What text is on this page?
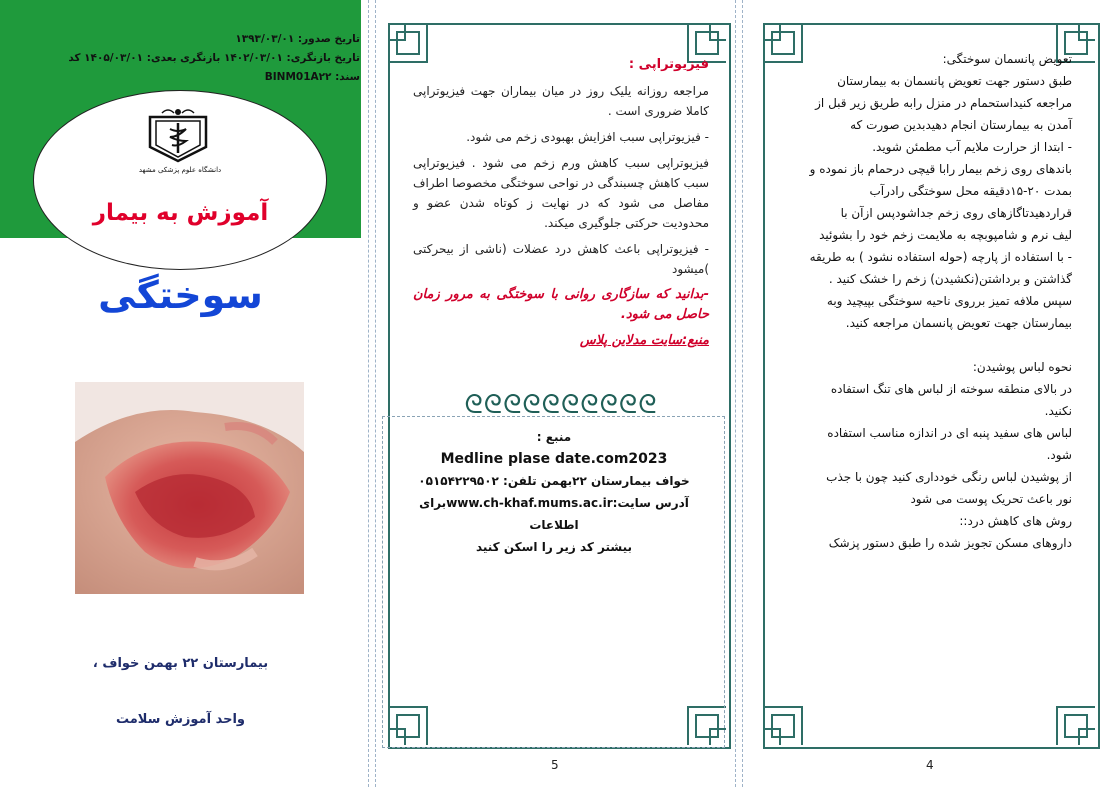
تاریخ صدور: ۱۳۹۳/۰۳/۰۱
تاریخ بازنگری: ۱۴۰۲/۰۳/۰۱ بازنگری بعدی: ۱۴۰۵/۰۳/۰۱ کد
سند: BINM01A۲۲
دانشگاه علوم پزشکی مشهد
آموزش به بیمار
سوختگی
بیمارستان ۲۲ بهمن خواف ،
واحد آموزش سلامت

فیزیوتراپی :

مراجعه روزانه یلیک روز در میان بیماران جهت فیزیوتراپی کاملا ضروری است .

- فیزیوتراپی سبب افزایش بهبودی زخم می شود.

فیزیوتراپی سبب کاهش ورم زخم می شود . فیزیوتراپی سبب کاهش چسبندگی در نواحی سوختگی مخصوصا اطراف مفاصل می شود که در نهایت ز کوتاه شدن عضو و محدودیت حرکتی جلوگیری میکند.

- فیزیوتراپی باعث کاهش درد عضلات (ناشی از بیحرکتی )میشود

-بدانید که سازگاری روانی با سوختگی به مرور زمان حاصل می شود.

منبع:سایت مدلاین پلاس

ᘓᘓᘓᘓᘓᘓᘓᘓᘓᘓ
منبع :
Medline plase date.com2023
خواف بیمارستان ۲۲بهمن تلفن: ۰۵۱۵۴۲۲۹۵۰۲
آدرس سایت:www.ch-khaf.mums.ac.irبرای اطلاعات
بیشتر کد زیر را اسکن کنید
5

تعویض پانسمان سوختگی:

طبق دستور جهت تعویض پانسمان به بیمارستان

مراجعه کنیداستحمام در منزل رابه طریق زیر قبل از

آمدن به بیمارستان انجام دهیدبدین صورت که

- ابتدا از حرارت ملایم آب مطمئن شوید.

باندهای روی زخم بیمار رابا قیچی درحمام باز نموده و

بمدت ۲۰-۱۵دقیقه محل سوختگی رادرآب

قراردهیدتاگازهای روی زخم جداشودپس ازآن با

لیف نرم و شامپوبچه به ملایمت زخم خود را بشوئید

- با استفاده از پارچه (حوله استفاده نشود ) به طریقه

گذاشتن و برداشتن(نکشیدن) زخم را خشک کنید .

سپس ملافه تمیز برروی ناحیه سوختگی بپیچید وبه

بیمارستان جهت تعویض پانسمان مراجعه کنید.

نحوه لباس پوشیدن:

در بالای منطقه سوخته از لباس های تنگ استفاده

نکنید.

لباس های سفید پنبه ای در اندازه مناسب استفاده

شود.

از پوشیدن لباس رنگی خودداری کنید چون با جذب

نور باعث تحریک پوست می شود

روش های کاهش درد::

داروهای مسکن تجویز شده را طبق دستور پزشک

4
